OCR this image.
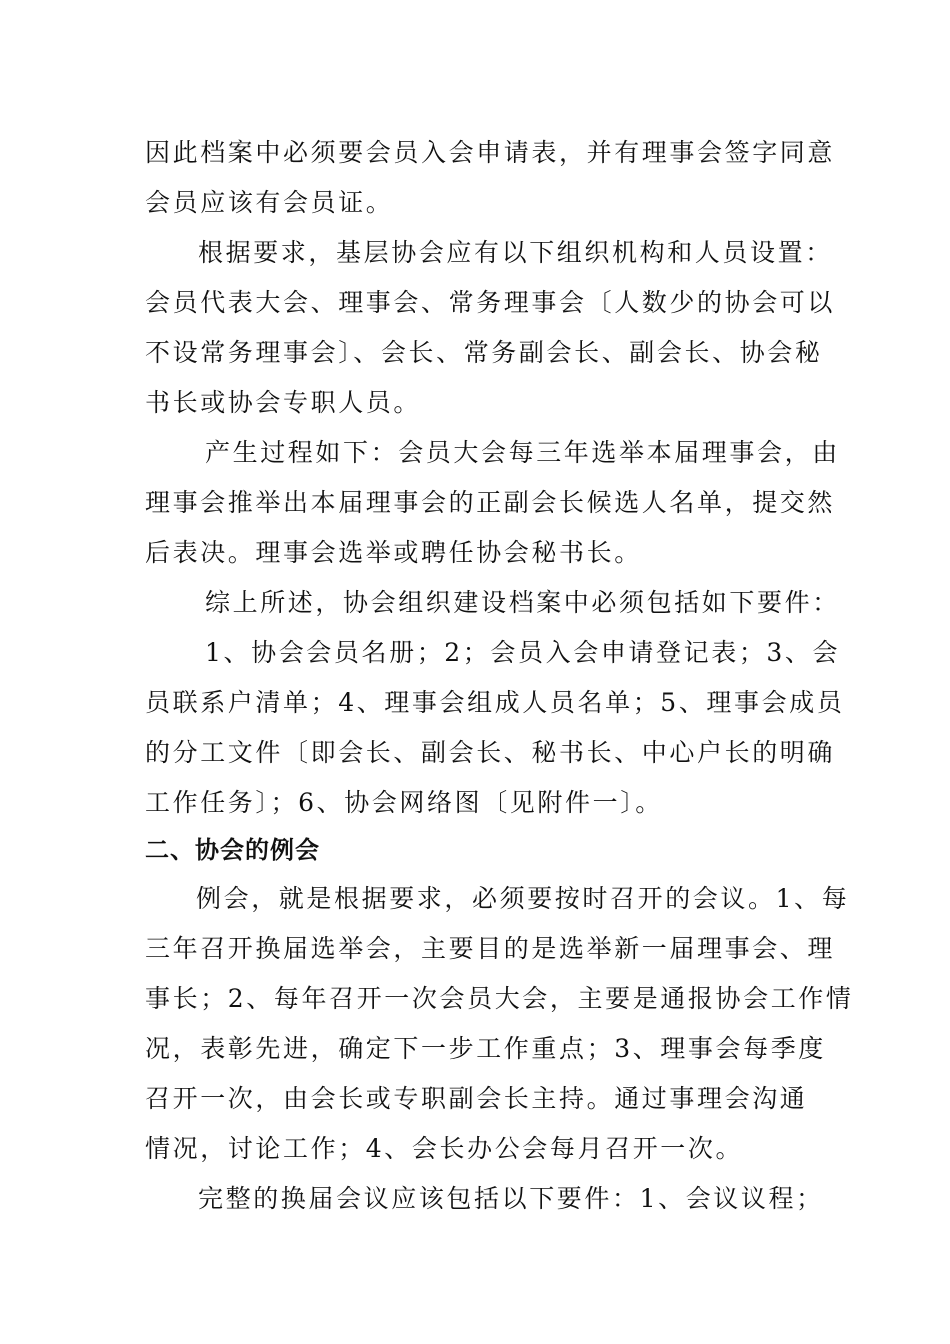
因此档案中必须要会员入会申请表，并有理事会签字同意
会员应该有会员证。
根据要求，基层协会应有以下组织机构和人员设置：
会员代表大会、理事会、常务理事会〔人数少的协会可以
不设常务理事会〕、会长、常务副会长、副会长、协会秘
书长或协会专职人员。
产生过程如下：会员大会每三年选举本届理事会，由
理事会推举出本届理事会的正副会长候选人名单，提交然
后表决。理事会选举或聘任协会秘书长。
综上所述，协会组织建设档案中必须包括如下要件：
1、协会会员名册；2；会员入会申请登记表；3、会
员联系户清单；4、理事会组成人员名单；5、理事会成员
的分工文件〔即会长、副会长、秘书长、中心户长的明确
工作任务〕；6、协会网络图〔见附件一〕。
二、协会的例会
例会，就是根据要求，必须要按时召开的会议。1、每
三年召开换届选举会，主要目的是选举新一届理事会、理
事长；2、每年召开一次会员大会，主要是通报协会工作情
况，表彰先进，确定下一步工作重点；3、理事会每季度
召开一次，由会长或专职副会长主持。通过事理会沟通
情况，讨论工作；4、会长办公会每月召开一次。
完整的换届会议应该包括以下要件：1、会议议程；
